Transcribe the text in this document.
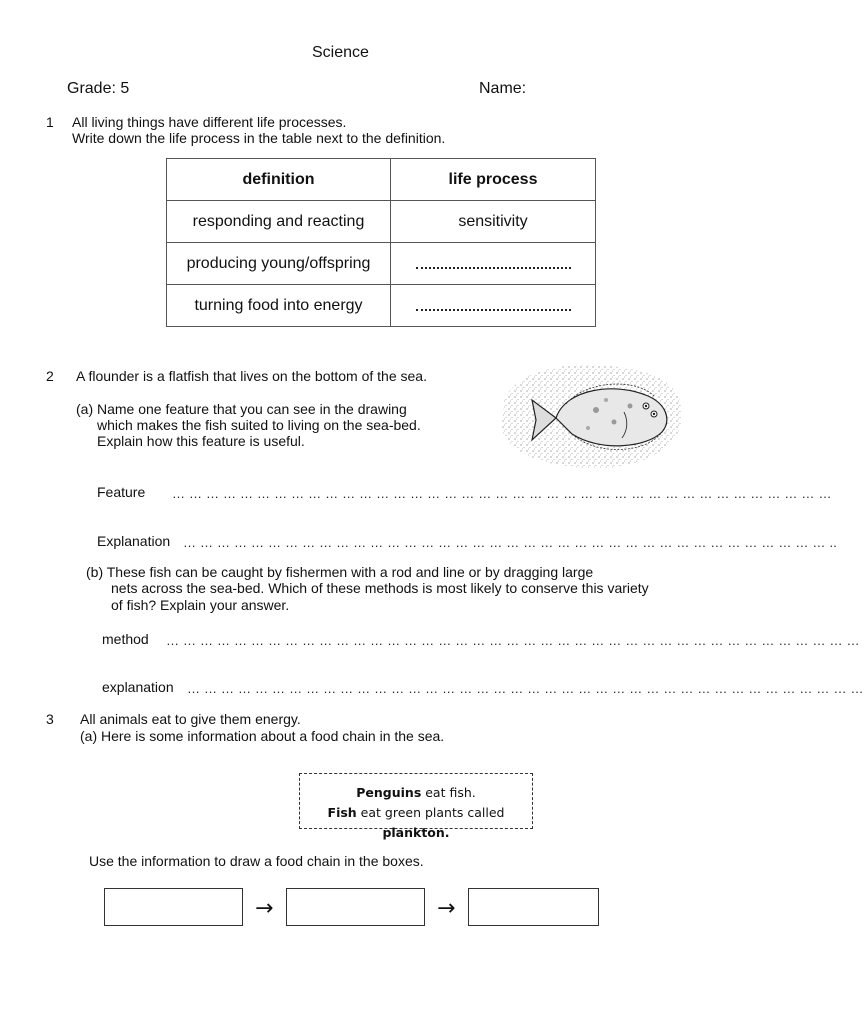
Science
Grade: 5	Name:
1 All living things have different life processes.
Write down the life process in the table next to the definition.
definition	life process
responding and reacting	sensitivity
producing young/offspring	
turning food into energy	
2 A flounder is a flatfish that lives on the bottom of the sea.
(a) Name one feature that you can see in the drawing
which makes the fish suited to living on the sea-bed.
Explain how this feature is useful.
Feature … … … … … … … … … … … … … … … … … … … … … … … … … … … … … … … … … … … … … … …
Explanation … … … … … … … … … … … … … … … … … … … … … … … … … … … … … … … … … … … … … … ..
(b) These fish can be caught by fishermen with a rod and line or by dragging large
nets across the sea-bed. Which of these methods is most likely to conserve this variety
of fish? Explain your answer.
method … … … … … … … … … … … … … … … … … … … … … … … … … … … … … … … … … … … … … … … … …
explanation … … … … … … … … … … … … … … … … … … … … … … … … … … … … … … … … … … … … … … … …
3 All animals eat to give them energy.
(a) Here is some information about a food chain in the sea.
Penguins eat fish.
Fish eat green plants called plankton.
Use the information to draw a food chain in the boxes.
→	→
